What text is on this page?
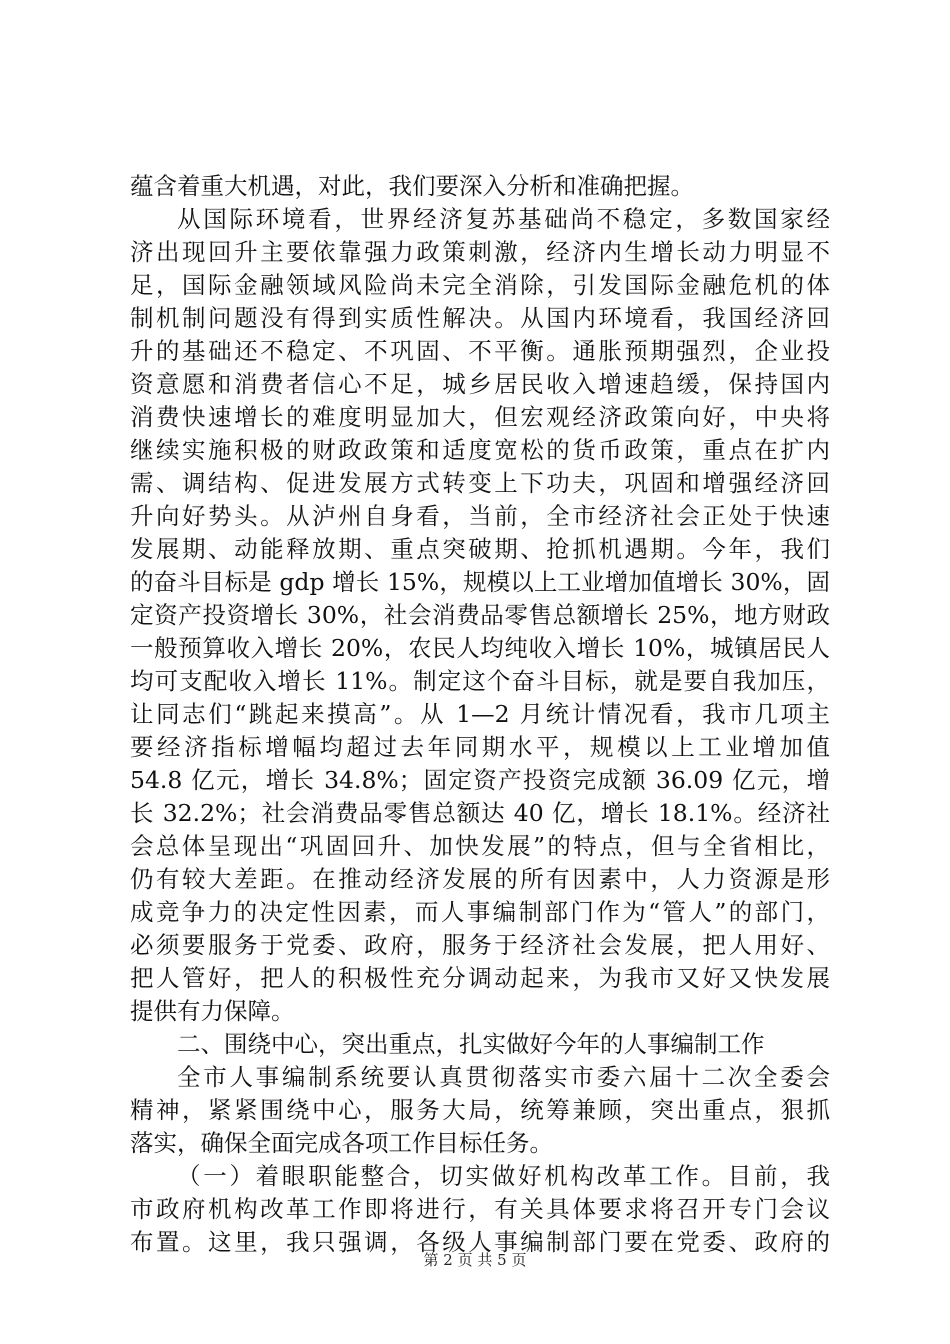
蕴含着重大机遇，对此，我们要深入分析和准确把握。
从国际环境看，世界经济复苏基础尚不稳定，多数国家经
济出现回升主要依靠强力政策刺激，经济内生增长动力明显不
足，国际金融领域风险尚未完全消除，引发国际金融危机的体
制机制问题没有得到实质性解决。从国内环境看，我国经济回
升的基础还不稳定、不巩固、不平衡。通胀预期强烈，企业投
资意愿和消费者信心不足，城乡居民收入增速趋缓，保持国内
消费快速增长的难度明显加大，但宏观经济政策向好，中央将
继续实施积极的财政政策和适度宽松的货币政策，重点在扩内
需、调结构、促进发展方式转变上下功夫，巩固和增强经济回
升向好势头。从泸州自身看，当前，全市经济社会正处于快速
发展期、动能释放期、重点突破期、抢抓机遇期。今年，我们
的奋斗目标是 gdp 增长 15%，规模以上工业增加值增长 30%，固
定资产投资增长 30%，社会消费品零售总额增长 25%，地方财政
一般预算收入增长 20%，农民人均纯收入增长 10%，城镇居民人
均可支配收入增长 11%。制定这个奋斗目标，就是要自我加压，
让同志们“跳起来摸高”。从 1—2 月统计情况看，我市几项主
要经济指标增幅均超过去年同期水平，规模以上工业增加值
54.8 亿元，增长 34.8%；固定资产投资完成额 36.09 亿元，增
长 32.2%；社会消费品零售总额达 40 亿，增长 18.1%。经济社
会总体呈现出“巩固回升、加快发展”的特点，但与全省相比，
仍有较大差距。在推动经济发展的所有因素中，人力资源是形
成竞争力的决定性因素，而人事编制部门作为“管人”的部门，
必须要服务于党委、政府，服务于经济社会发展，把人用好、
把人管好，把人的积极性充分调动起来，为我市又好又快发展
提供有力保障。
二、围绕中心，突出重点，扎实做好今年的人事编制工作
全市人事编制系统要认真贯彻落实市委六届十二次全委会
精神，紧紧围绕中心，服务大局，统筹兼顾，突出重点，狠抓
落实，确保全面完成各项工作目标任务。
（一）着眼职能整合，切实做好机构改革工作。目前，我
市政府机构改革工作即将进行，有关具体要求将召开专门会议
布置。这里，我只强调，各级人事编制部门要在党委、政府的
第 2 页 共 5 页
